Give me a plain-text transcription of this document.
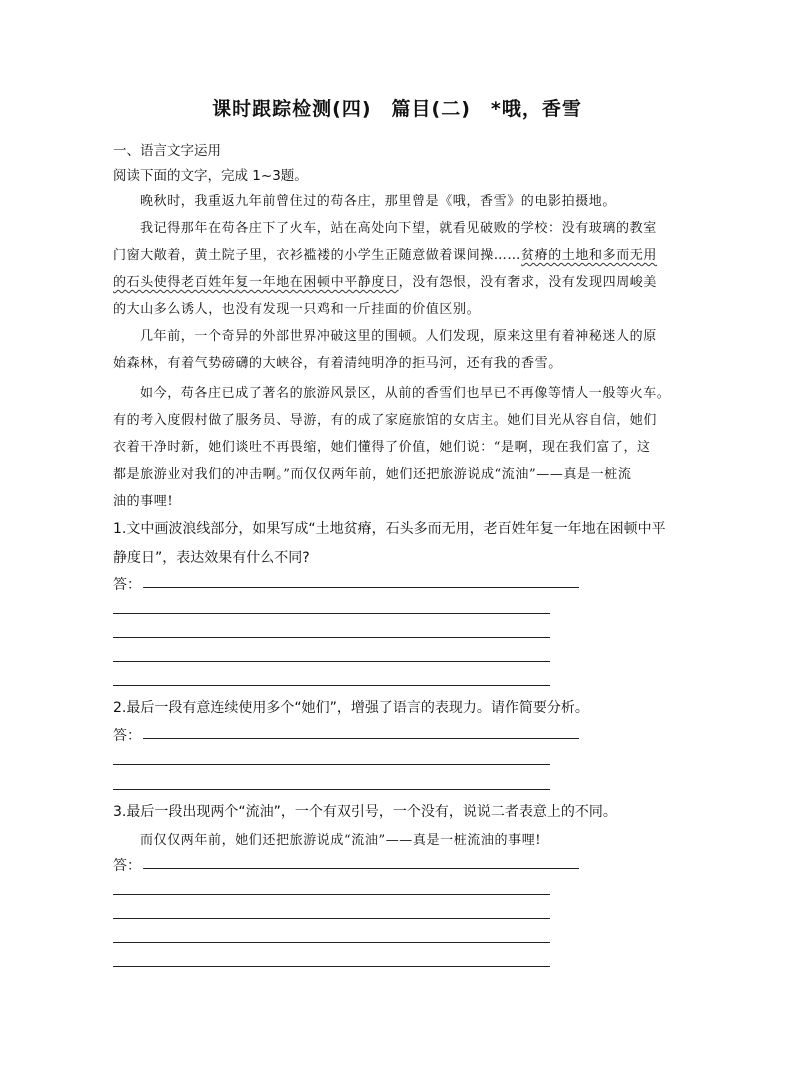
课时跟踪检测(四)　篇目(二)　*哦，香雪
一、语言文字运用
阅读下面的文字，完成 1~3题。
晚秋时，我重返九年前曾住过的苟各庄，那里曾是《哦，香雪》的电影拍摄地。
我记得那年在苟各庄下了火车，站在高处向下望，就看见破败的学校：没有玻璃的教室
门窗大敞着，黄土院子里，衣衫褴褛的小学生正随意做着课间操……贫瘠的土地和多而无用
的石头使得老百姓年复一年地在困顿中平静度日，没有怨恨，没有奢求，没有发现四周峻美
的大山多么诱人，也没有发现一只鸡和一斤挂面的价值区别。
几年前，一个奇异的外部世界冲破这里的围顿。人们发现，原来这里有着神秘迷人的原
始森林，有着气势磅礴的大峡谷，有着清纯明净的拒马河，还有我的香雪。
如今，苟各庄已成了著名的旅游风景区，从前的香雪们也早已不再像等情人一般等火车。
有的考入度假村做了服务员、导游，有的成了家庭旅馆的女店主。她们目光从容自信，她们
衣着干净时新，她们谈吐不再畏缩，她们懂得了价值，她们说：“是啊，现在我们富了，这
都是旅游业对我们的冲击啊。”而仅仅两年前，她们还把旅游说成“流油”——真是一桩流
油的事哩!
1.文中画波浪线部分，如果写成“土地贫瘠，石头多而无用，老百姓年复一年地在困顿中平
静度日”，表达效果有什么不同?
答：
2.最后一段有意连续使用多个“她们”，增强了语言的表现力。请作简要分析。
答：
3.最后一段出现两个“流油”，一个有双引号，一个没有，说说二者表意上的不同。
而仅仅两年前，她们还把旅游说成“流油”——真是一桩流油的事哩!
答：
